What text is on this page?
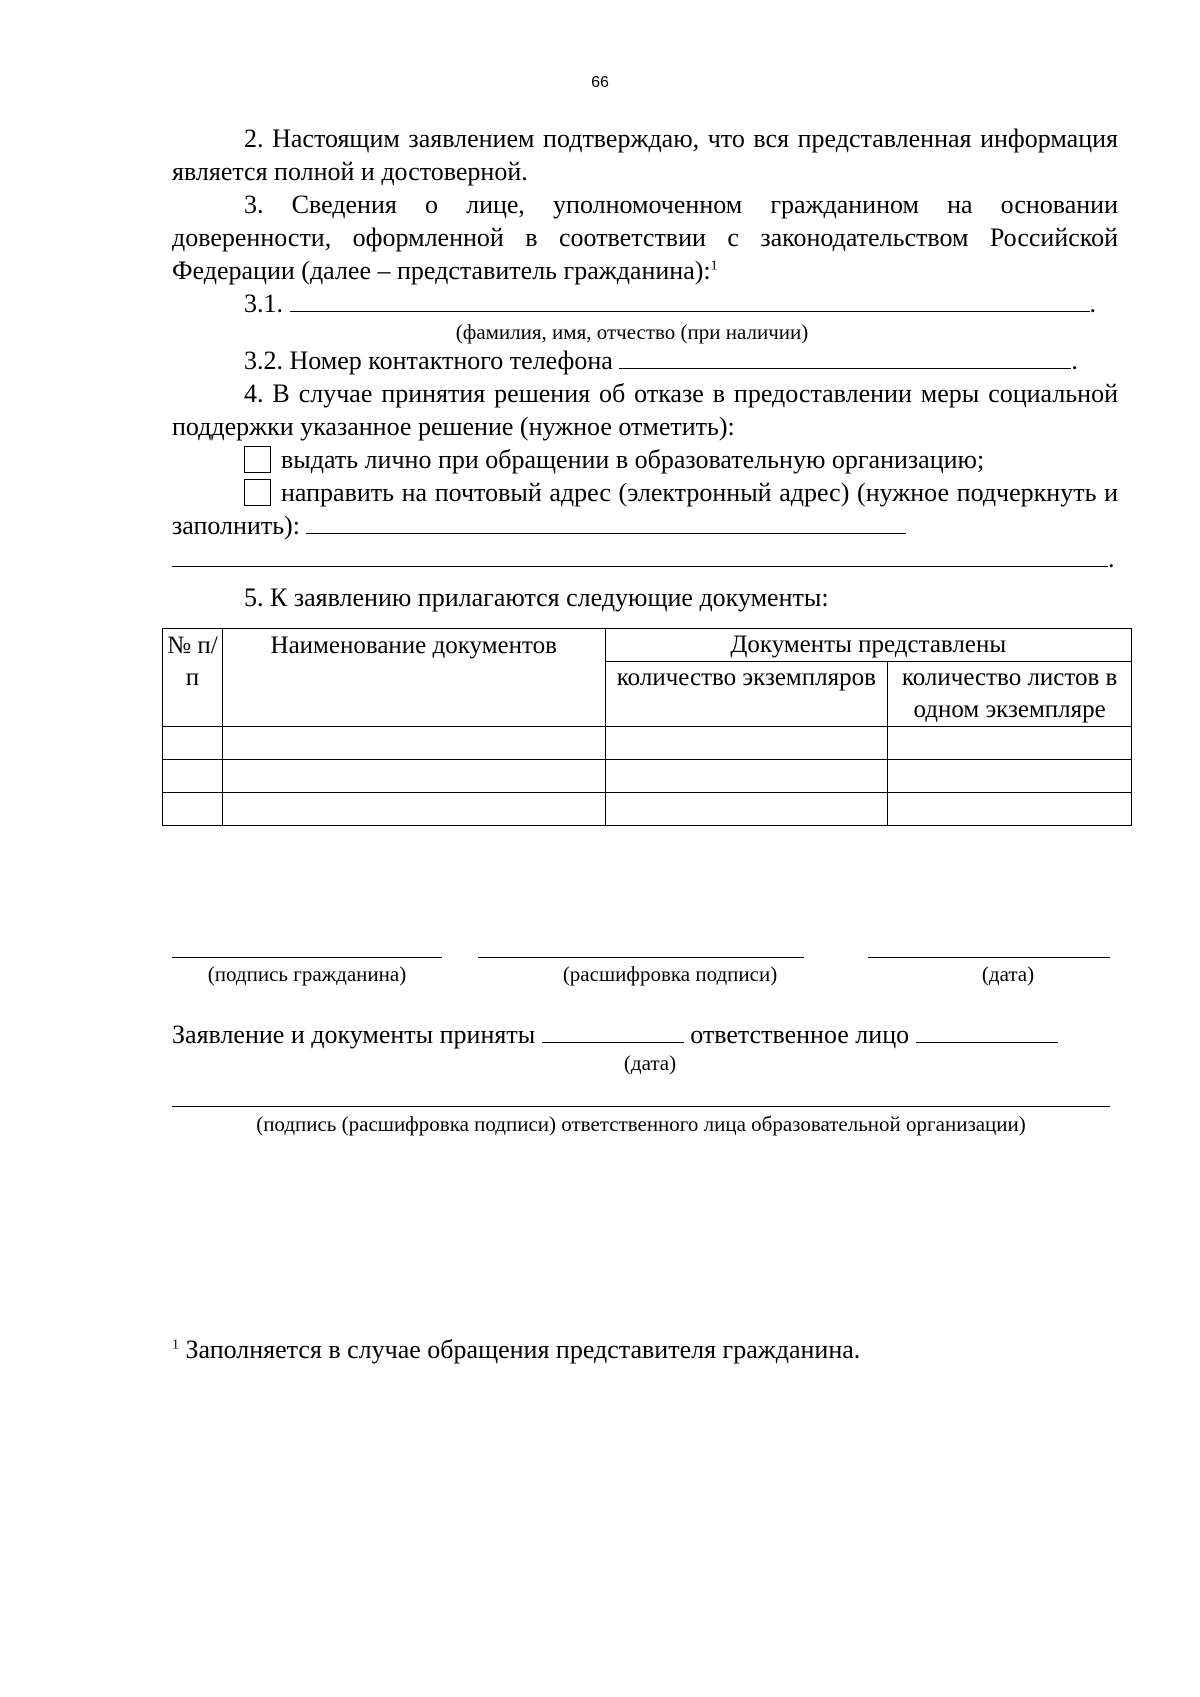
66

2. Настоящим заявлением подтверждаю, что вся представленная информация является полной и достоверной.

3. Сведения о лице, уполномоченном гражданином на основании доверенности, оформленной в соответствии с законодательством Российской Федерации (далее – представитель гражданина):$^1$

3.1.	.

(фамилия, имя, отчество (при наличии)

3.2. Номер контактного телефона	.

4. В случае принятия решения об отказе в предоставлении меры социальной поддержки указанное решение (нужное отметить):

выдать лично при обращении в образовательную организацию;

направить на почтовый адрес (электронный адрес) (нужное подчеркнуть и заполнить):

.

5. К заявлению прилагаются следующие документы:

№ п/п	Наименование документов	Документы представлены	
		количество экземпляров	количество листов в одном экземпляре

(подпись гражданина)	(расшифровка подписи)	(дата)
Заявление и документы приняты	ответственное лицо
(дата)
(подпись (расшифровка подписи) ответственного лица образовательной организации)
$^1$ Заполняется в случае обращения представителя гражданина.
